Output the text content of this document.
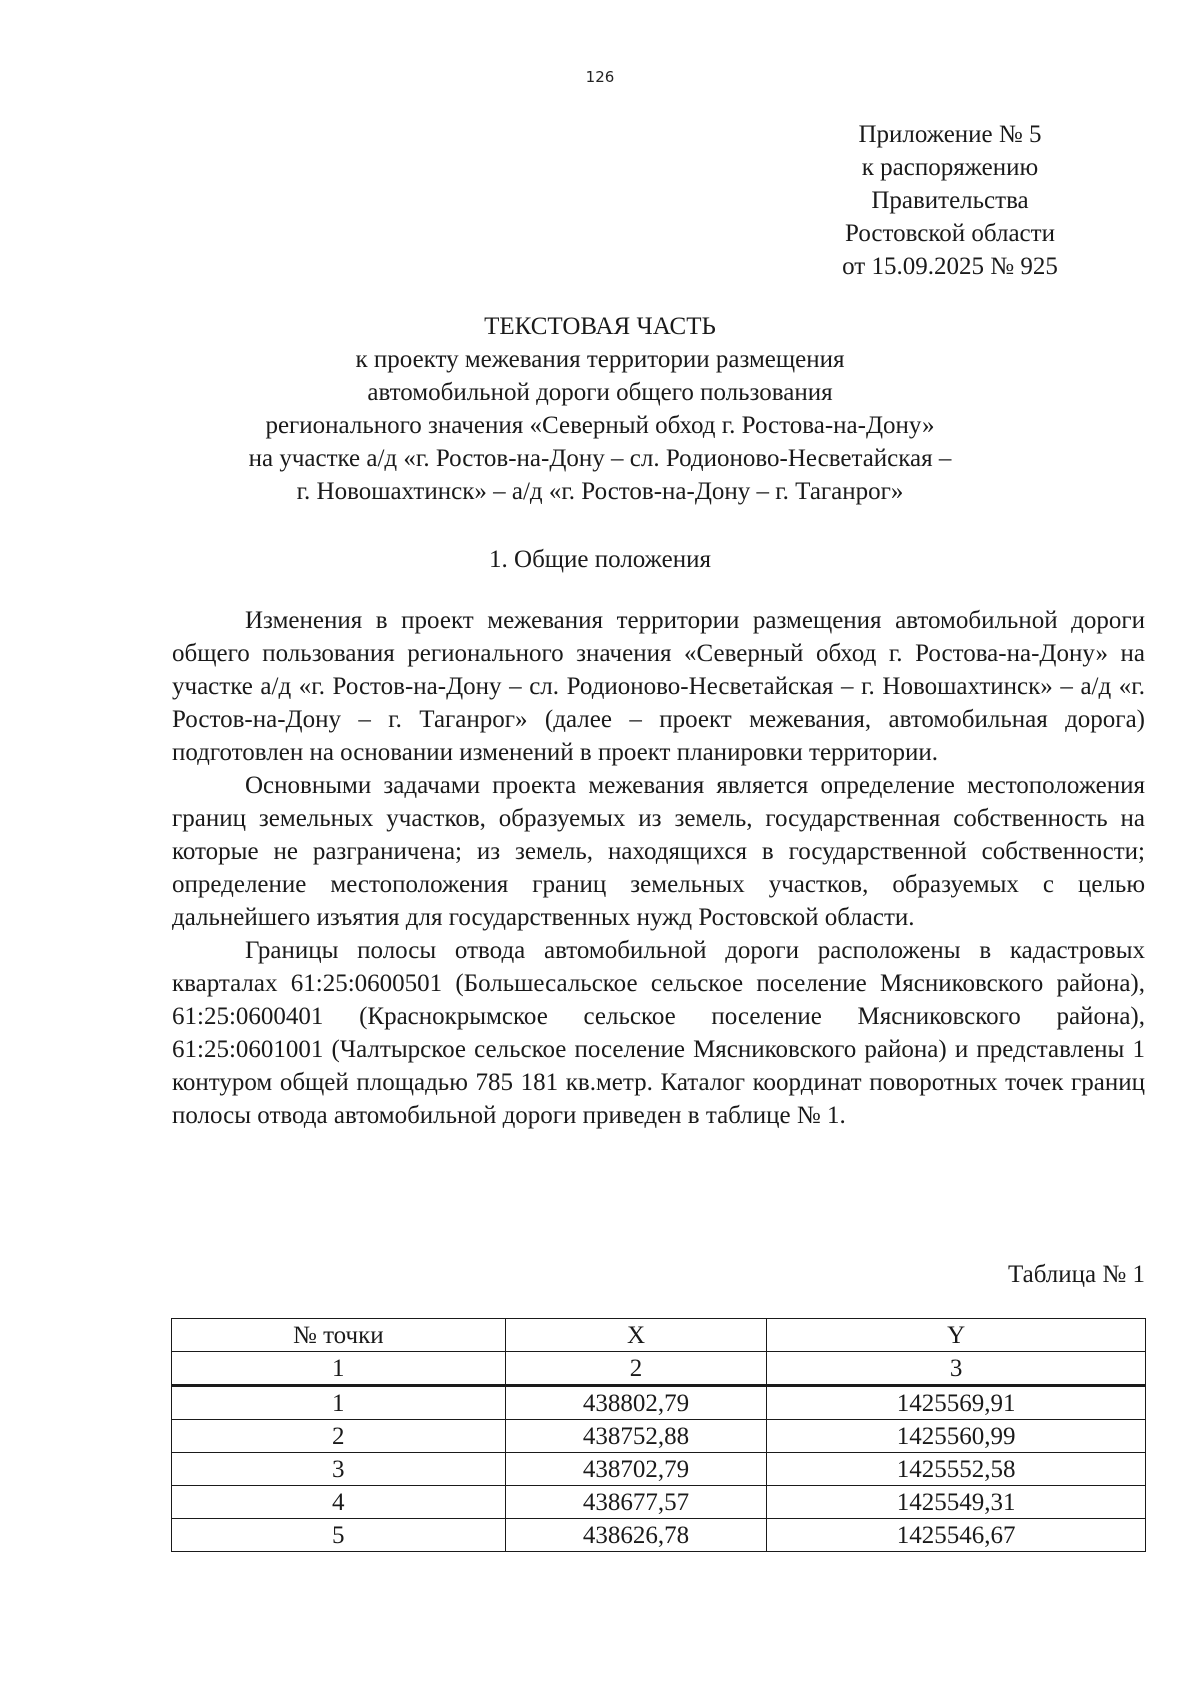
126
Приложение № 5
к распоряжению
Правительства
Ростовской области
от 15.09.2025 № 925
ТЕКСТОВАЯ ЧАСТЬ
к проекту межевания территории размещения
автомобильной дороги общего пользования
регионального значения «Северный обход г. Ростова-на-Дону»
на участке а/д «г. Ростов-на-Дону – сл. Родионово-Несветайская –
г. Новошахтинск» – а/д «г. Ростов-на-Дону – г. Таганрог»
1. Общие положения

Изменения в проект межевания территории размещения автомобильной дороги общего пользования регионального значения «Северный обход г. Ростова-на-Дону» на участке а/д «г. Ростов-на-Дону – сл. Родионово-Несветайская – г. Новошахтинск» – а/д «г. Ростов-на-Дону – г. Таганрог» (далее – проект межевания, автомобильная дорога) подготовлен на основании изменений в проект планировки территории.

Основными задачами проекта межевания является определение местоположения границ земельных участков, образуемых из земель, государственная собственность на которые не разграничена; из земель, находящихся в государственной собственности; определение местоположения границ земельных участков, образуемых с целью дальнейшего изъятия для государственных нужд Ростовской области.

Границы полосы отвода автомобильной дороги расположены в кадастровых кварталах 61:25:0600501 (Большесальское сельское поселение Мясниковского района), 61:25:0600401 (Краснокрымское сельское поселение Мясниковского района), 61:25:0601001 (Чалтырское сельское поселение Мясниковского района) и представлены 1 контуром общей площадью 785 181 кв.метр. Каталог координат поворотных точек границ полосы отвода автомобильной дороги приведен в таблице № 1.

Таблица № 1
№ точки	X	Y
1	2	3
1	438802,79	1425569,91
2	438752,88	1425560,99
3	438702,79	1425552,58
4	438677,57	1425549,31
5	438626,78	1425546,67
